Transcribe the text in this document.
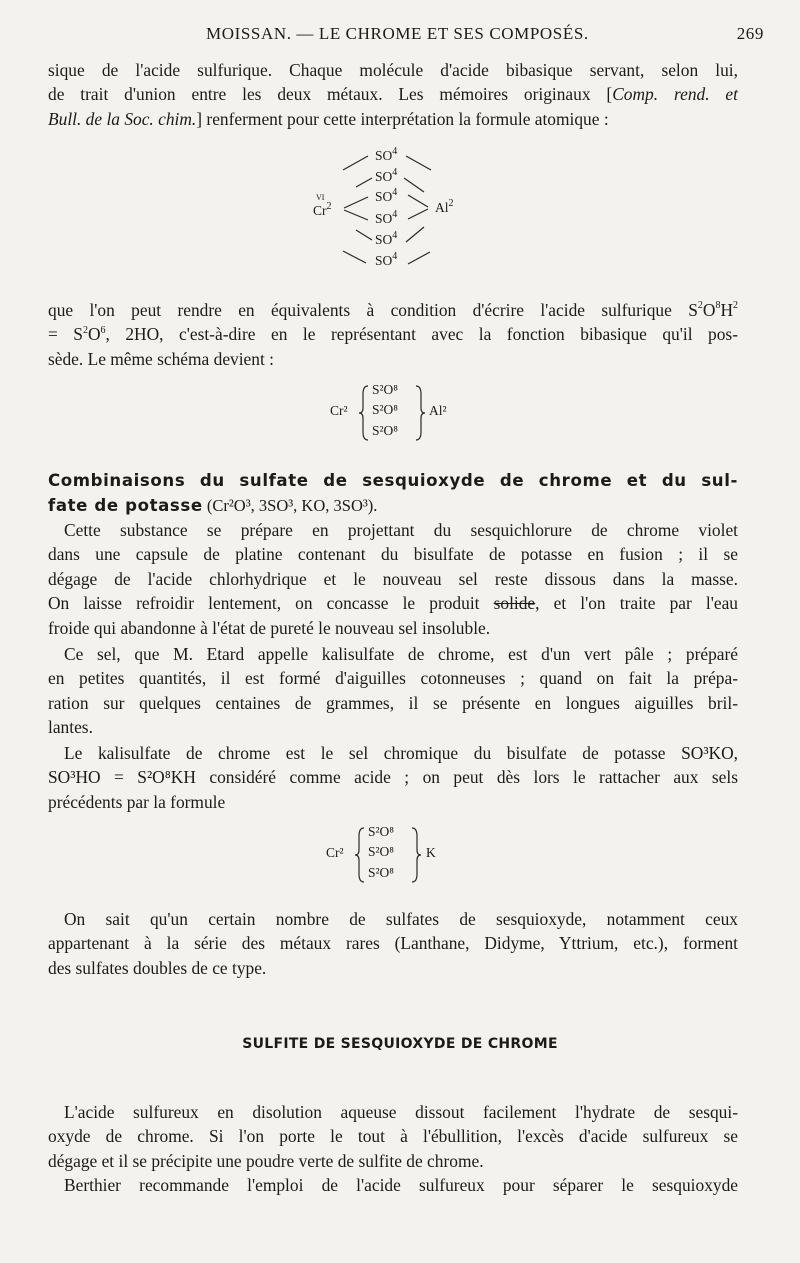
MOISSAN. — LE CHROME ET SES COMPOSÉS.	269
sique de l'acide sulfurique. Chaque molécule d'acide bibasique servant, selon lui,
de trait d'union entre les deux métaux. Les mémoires originaux [Comp. rend. et
Bull. de la Soc. chim.] renferment pour cette interprétation la formule atomique :
$SO^4$
$SO^4$
$SO^4$
$SO^4$
$SO^4$
$SO^4$
VI
Cr$^2$	Al$^2$
que l'on peut rendre en équivalents à condition d'écrire l'acide sulfurique $S^2O^8H^2$
= $S^2O^6$, 2HO, c'est-à-dire en le représentant avec la fonction bibasique qu'il pos-
sède. Le même schéma devient :
Cr²
S²O⁸
S²O⁸
S²O⁸
Al²
Combinaisons du sulfate de sesquioxyde de chrome et du sul-
fate de potasse (Cr²O³, 3SO³, KO, 3SO³).
Cette substance se prépare en projettant du sesquichlorure de chrome violet
dans une capsule de platine contenant du bisulfate de potasse en fusion ; il se
dégage de l'acide chlorhydrique et le nouveau sel reste dissous dans la masse.
On laisse refroidir lentement, on concasse le produit solide, et l'on traite par l'eau
froide qui abandonne à l'état de pureté le nouveau sel insoluble.
Ce sel, que M. Etard appelle kalisulfate de chrome, est d'un vert pâle ; préparé
en petites quantités, il est formé d'aiguilles cotonneuses ; quand on fait la prépa-
ration sur quelques centaines de grammes, il se présente en longues aiguilles bril-
lantes.
Le kalisulfate de chrome est le sel chromique du bisulfate de potasse SO³KO,
SO³HO = S²O⁸KH considéré comme acide ; on peut dès lors le rattacher aux sels
précédents par la formule
Cr²
S²O⁸
S²O⁸
S²O⁸
K
On sait qu'un certain nombre de sulfates de sesquioxyde, notamment ceux
appartenant à la série des métaux rares (Lanthane, Didyme, Yttrium, etc.), forment
des sulfates doubles de ce type.
SULFITE DE SESQUIOXYDE DE CHROME
L'acide sulfureux en disolution aqueuse dissout facilement l'hydrate de sesqui-
oxyde de chrome. Si l'on porte le tout à l'ébullition, l'excès d'acide sulfureux se
dégage et il se précipite une poudre verte de sulfite de chrome.
Berthier recommande l'emploi de l'acide sulfureux pour séparer le sesquioxyde
